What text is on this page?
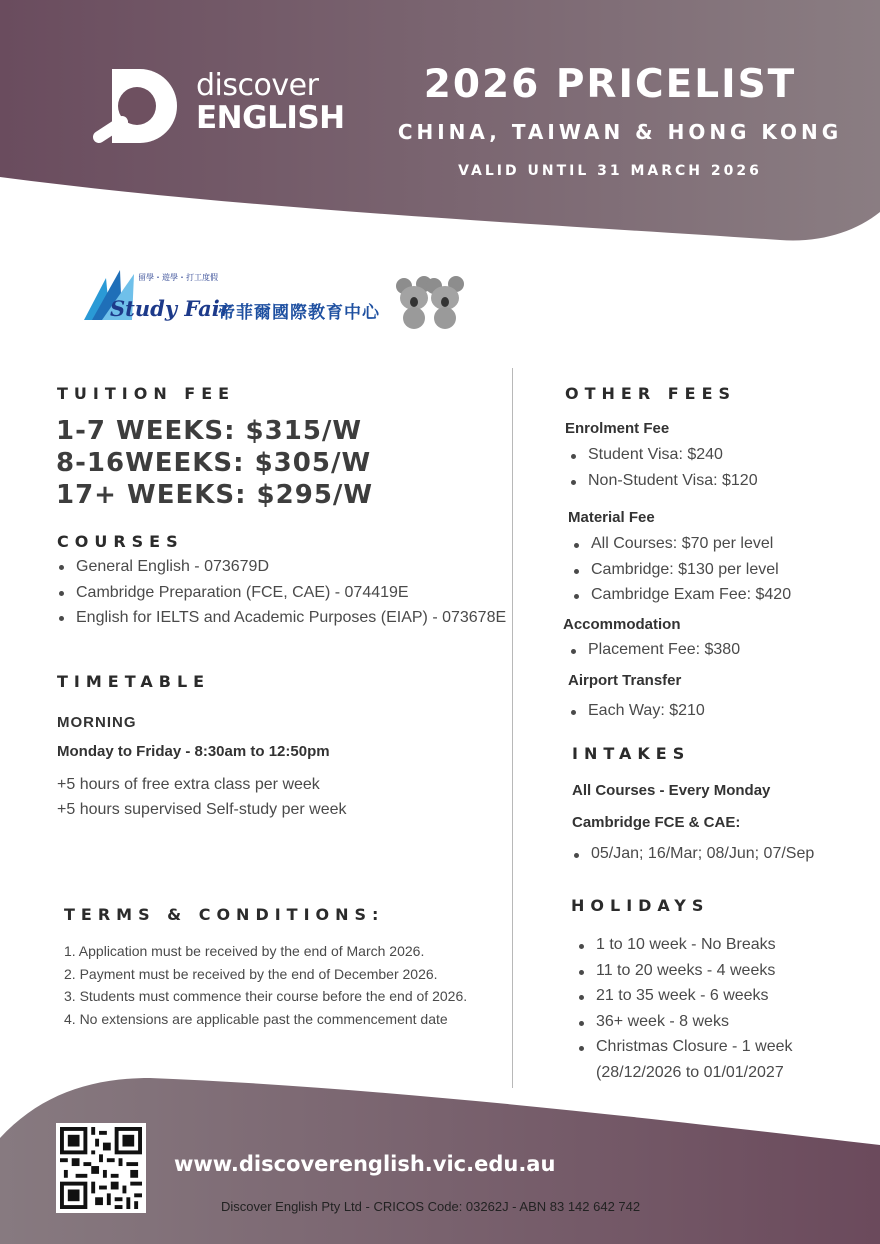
discover
ENGLISH
2026 PRICELIST
CHINA, TAIWAN & HONG KONG
VALID UNTIL 31 MARCH 2026
留學・遊學・打工度假
Study Fair
帝菲爾國際教育中心
TUITION FEE
1-7 WEEKS: $315/W
8-16WEEKS: $305/W
17+ WEEKS: $295/W
COURSES
General English - 073679D
Cambridge Preparation (FCE, CAE) - 074419E
English for IELTS and Academic Purposes (EIAP) - 073678E
TIMETABLE
MORNING
Monday to Friday - 8:30am to 12:50pm
+5 hours of free extra class per week
+5 hours supervised Self-study per week
TERMS & CONDITIONS:
1. Application must be received by the end of March 2026.
2. Payment must be received by the end of December 2026.
3. Students must commence their course before the end of 2026.
4. No extensions are applicable past the commencement date
OTHER FEES
Enrolment Fee
Student Visa: $240
Non-Student Visa: $120
Material Fee
All Courses: $70 per level
Cambridge: $130 per level
Cambridge Exam Fee: $420
Accommodation
Placement Fee: $380
Airport Transfer
Each Way: $210
INTAKES
All Courses - Every Monday
Cambridge FCE & CAE:
05/Jan; 16/Mar; 08/Jun; 07/Sep
HOLIDAYS
1 to 10 week - No Breaks
11 to 20 weeks - 4 weeks
21 to 35 week - 6 weeks
36+ week - 8 weks
Christmas Closure - 1 week
(28/12/2026 to 01/01/2027
www.discoverenglish.vic.edu.au
Discover English Pty Ltd - CRICOS Code: 03262J - ABN 83 142 642 742
